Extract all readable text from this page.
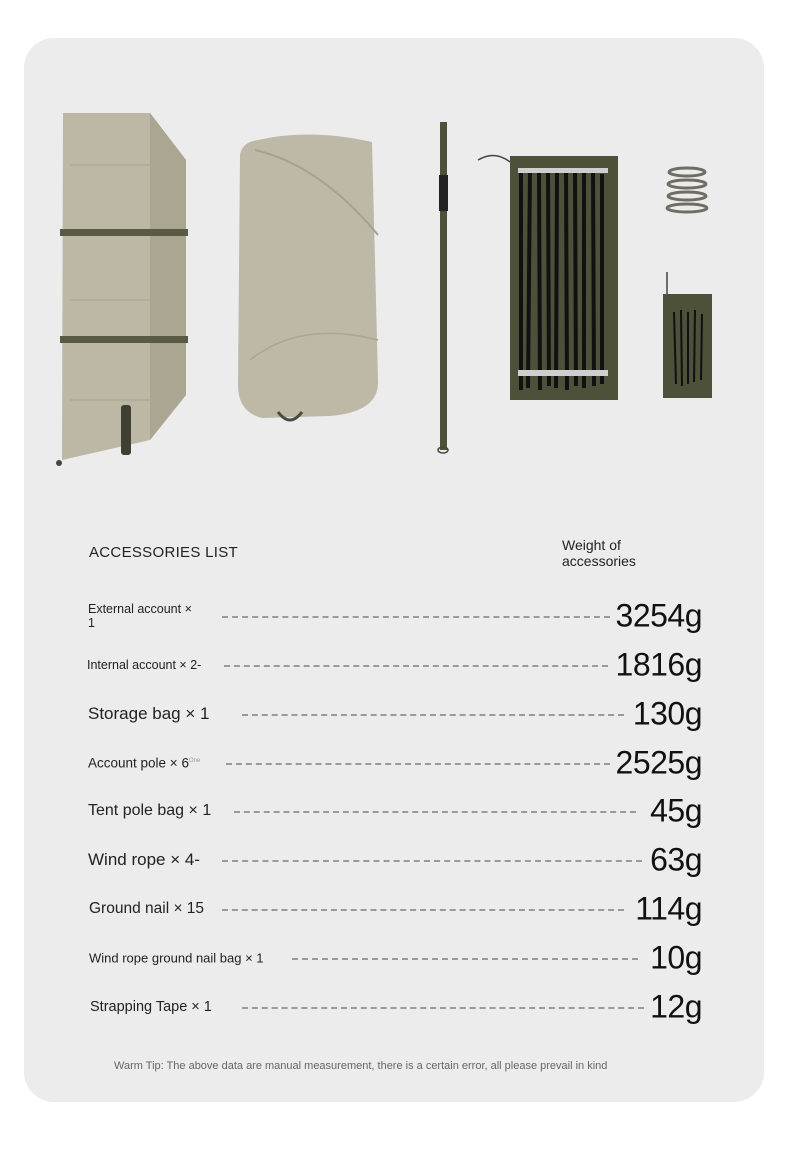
ACCESSORIES LIST	Weight of
accessories
External account ×
1	3254g
Internal account × 2-	1816g
Storage bag × 1	130g
Account pole × $6^{One}$	2525g
Tent pole bag × 1	45g
Wind rope × 4-	63g
Ground nail × 15	114g
Wind rope ground nail bag × 1	10g
Strapping Tape × 1	12g
Warm Tip: The above data are manual measurement, there is a certain error, all please prevail in kind
